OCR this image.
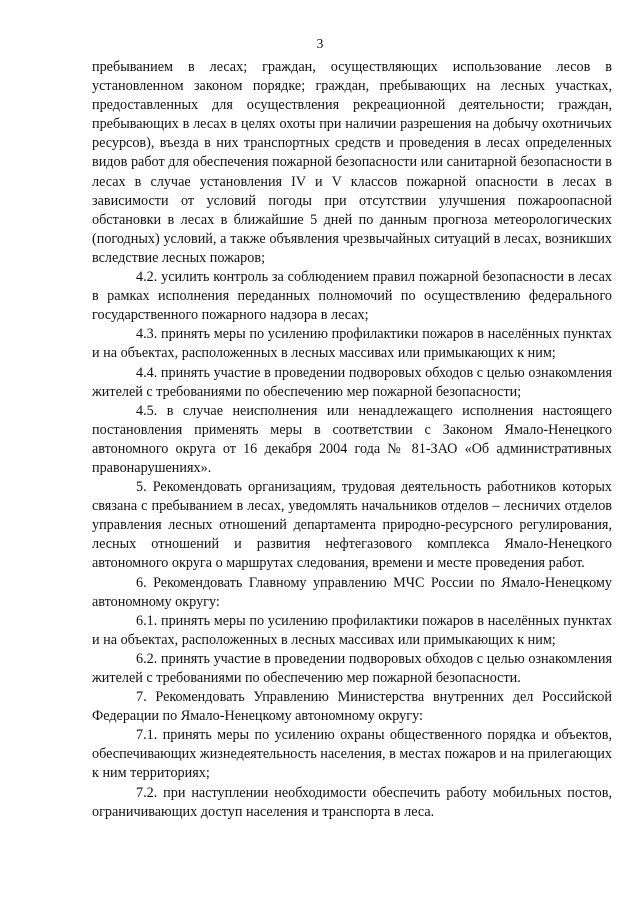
3

пребыванием в лесах; граждан, осуществляющих использование лесов в установленном законом порядке; граждан, пребывающих на лесных участках, предоставленных для осуществления рекреационной деятельности; граждан, пребывающих в лесах в целях охоты при наличии разрешения на добычу охотничьих ресурсов), въезда в них транспортных средств и проведения в лесах определенных видов работ для обеспечения пожарной безопасности или санитарной безопасности в лесах в случае установления IV и V классов пожарной опасности в лесах в зависимости от условий погоды при отсутствии улучшения пожароопасной обстановки в лесах в ближайшие 5 дней по данным прогноза метеорологических (погодных) условий, а также объявления чрезвычайных ситуаций в лесах, возникших вследствие лесных пожаров;

4.2. усилить контроль за соблюдением правил пожарной безопасности в лесах в рамках исполнения переданных полномочий по осуществлению федерального государственного пожарного надзора в лесах;

4.3. принять меры по усилению профилактики пожаров в населённых пунктах и на объектах, расположенных в лесных массивах или примыкающих к ним;

4.4. принять участие в проведении подворовых обходов с целью ознакомления жителей с требованиями по обеспечению мер пожарной безопасности;

4.5. в случае неисполнения или ненадлежащего исполнения настоящего постановления применять меры в соответствии с Законом Ямало-Ненецкого автономного округа от 16 декабря 2004 года № 81-ЗАО «Об административных правонарушениях».

5. Рекомендовать организациям, трудовая деятельность работников которых связана с пребыванием в лесах, уведомлять начальников отделов – лесничих отделов управления лесных отношений департамента природно-ресурсного регулирования, лесных отношений и развития нефтегазового комплекса Ямало-Ненецкого автономного округа о маршрутах следования, времени и месте проведения работ.

6. Рекомендовать Главному управлению МЧС России по Ямало-Ненецкому автономному округу:

6.1. принять меры по усилению профилактики пожаров в населённых пунктах и на объектах, расположенных в лесных массивах или примыкающих к ним;

6.2. принять участие в проведении подворовых обходов с целью ознакомления жителей с требованиями по обеспечению мер пожарной безопасности.

7. Рекомендовать Управлению Министерства внутренних дел Российской Федерации по Ямало-Ненецкому автономному округу:

7.1. принять меры по усилению охраны общественного порядка и объектов, обеспечивающих жизнедеятельность населения, в местах пожаров и на прилегающих к ним территориях;

7.2. при наступлении необходимости обеспечить работу мобильных постов, ограничивающих доступ населения и транспорта в леса.
